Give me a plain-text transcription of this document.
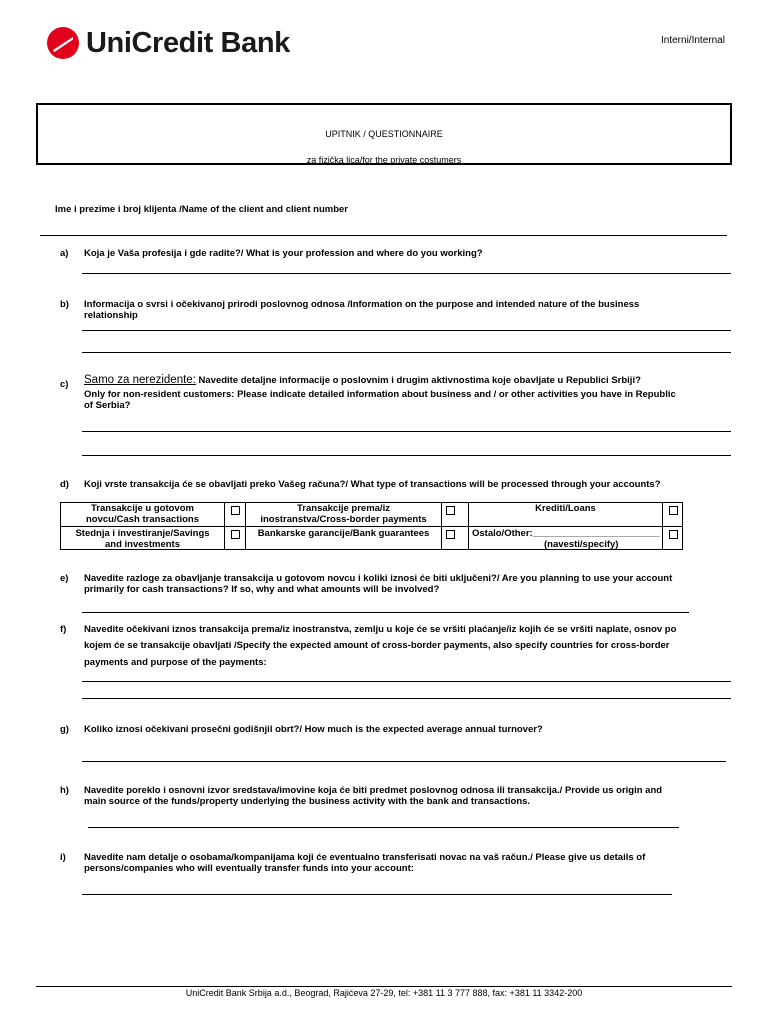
UniCredit Bank	Interni/Internal
UPITNIK / QUESTIONNAIRE
za fizička lica/for the private costumers
Ime i prezime i broj klijenta /Name of the client and client number
a) Koja je Vaša profesija i gde radite?/ What is your profession and where do you working?
b) Informacija o svrsi i očekivanoj prirodi poslovnog odnosa /Information on the purpose and intended nature of the business
relationship
c) Samo za nerezidente: Navedite detaljne informacije o poslovnim i drugim aktivnostima koje obavljate u Republici Srbiji?
Only for non-resident customers: Please indicate detailed information about business and / or other activities you have in Republic
of Serbia?
d) Koji vrste transakcija će se obavljati preko Vašeg računa?/ What type of transactions will be processed through your accounts?
Transakcije u gotovom
novcu/Cash transactions
Transakcije prema/iz
inostranstva/Cross-border payments
Krediti/Loans
Stednja i investiranje/Savings
and investments
Bankarske garancije/Bank guarantees	Ostalo/Other:________________________
(navesti/specify)
e) Navedite razloge za obavljanje transakcija u gotovom novcu i koliki iznosi će biti uključeni?/ Are you planning to use your account
primarily for cash transactions? If so, why and what amounts will be involved?
f) Navedite očekivani iznos transakcija prema/iz inostranstva, zemlju u koje će se vršiti plaćanje/iz kojih će se vršiti naplate, osnov po
kojem će se transakcije obavljati /Specify the expected amount of cross-border payments, also specify countries for cross-border
payments and purpose of the payments:
g) Koliko iznosi očekivani prosečni godišnjil obrt?/ How much is the expected average annual turnover?
h) Navedite poreklo i osnovni izvor sredstava/imovine koja će biti predmet poslovnog odnosa ili transakcija./ Provide us origin and
main source of the funds/property underlying the business activity with the bank and transactions.
i) Navedite nam detalje o osobama/kompanijama koji će eventualno transferisati novac na vaš račun./ Please give us details of
persons/companies who will eventually transfer funds into your account:
UniCredit Bank Srbija a.d., Beograd, Rajićeva 27-29, tel: +381 11 3 777 888, fax: +381 11 3342-200
